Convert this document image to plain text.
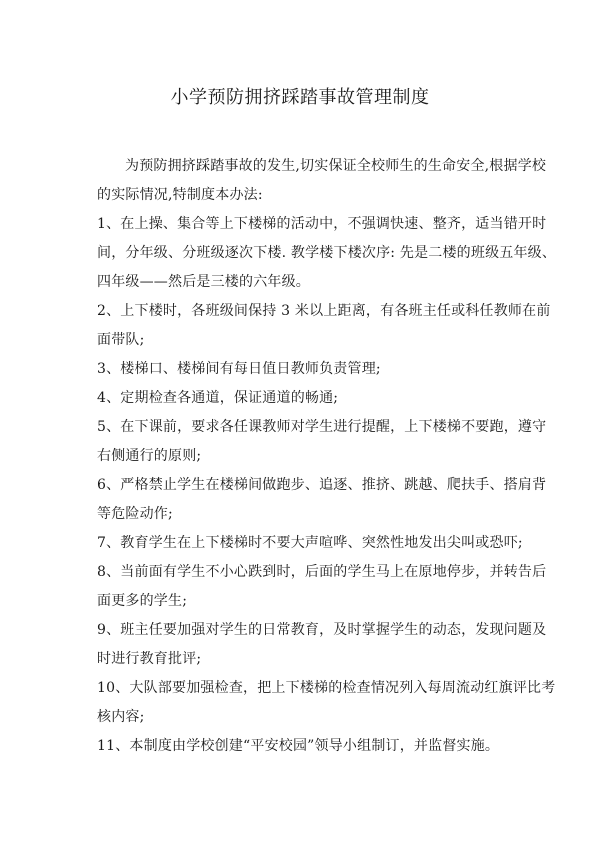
小学预防拥挤踩踏事故管理制度
为预防拥挤踩踏事故的发生,切实保证全校师生的生命安全,根据学校
的实际情况,特制度本办法:
1、在上操、集合等上下楼梯的活动中，不强调快速、整齐，适当错开时
间，分年级、分班级逐次下楼. 教学楼下楼次序: 先是二楼的班级五年级、
四年级——然后是三楼的六年级。
2、上下楼时，各班级间保持 3 米以上距离，有各班主任或科任教师在前
面带队;
3、楼梯口、楼梯间有每日值日教师负责管理;
4、定期检查各通道，保证通道的畅通;
5、在下课前，要求各任课教师对学生进行提醒，上下楼梯不要跑，遵守
右侧通行的原则;
6、严格禁止学生在楼梯间做跑步、追逐、推挤、跳越、爬扶手、搭肩背
等危险动作;
7、教育学生在上下楼梯时不要大声喧哗、突然性地发出尖叫或恐吓;
8、当前面有学生不小心跌到时，后面的学生马上在原地停步，并转告后
面更多的学生;
9、班主任要加强对学生的日常教育，及时掌握学生的动态，发现问题及
时进行教育批评;
10、大队部要加强检查，把上下楼梯的检查情况列入每周流动红旗评比考
核内容;
11、本制度由学校创建“平安校园”领导小组制订，并监督实施。
